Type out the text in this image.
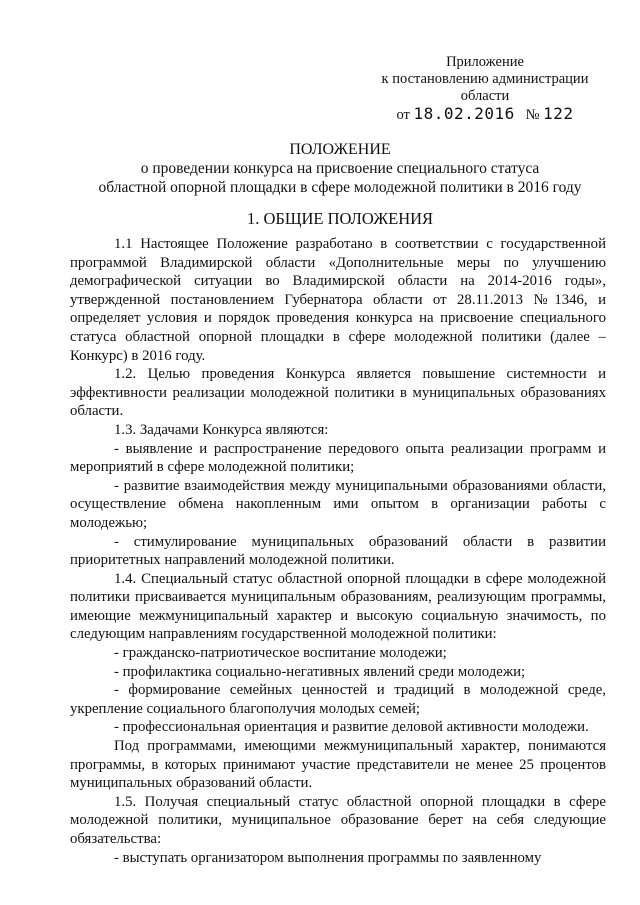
Приложение
к постановлению администрации
области
от 18.02.2016 № 122
ПОЛОЖЕНИЕ
о проведении конкурса на присвоение специального статуса
областной опорной площадки в сфере молодежной политики в 2016 году
1. ОБЩИЕ ПОЛОЖЕНИЯ

1.1 Настоящее Положение разработано в соответствии с государственной программой Владимирской области «Дополнительные меры по улучшению демографической ситуации во Владимирской области на 2014-2016 годы», утвержденной постановлением Губернатора области от 28.11.2013 №1346, и определяет условия и порядок проведения конкурса на присвоение специального статуса областной опорной площадки в сфере молодежной политики (далее – Конкурс) в 2016 году.

1.2. Целью проведения Конкурса является повышение системности и эффективности реализации молодежной политики в муниципальных образованиях области.

1.3. Задачами Конкурса являются:

- выявление и распространение передового опыта реализации программ и мероприятий в сфере молодежной политики;

- развитие взаимодействия между муниципальными образованиями области, осуществление обмена накопленным ими опытом в организации работы с молодежью;

- стимулирование муниципальных образований области в развитии приоритетных направлений молодежной политики.

1.4. Специальный статус областной опорной площадки в сфере молодежной политики присваивается муниципальным образованиям, реализующим программы, имеющие межмуниципальный характер и высокую социальную значимость, по следующим направлениям государственной молодежной политики:

- гражданско-патриотическое воспитание молодежи;

- профилактика социально-негативных явлений среди молодежи;

- формирование семейных ценностей и традиций в молодежной среде, укрепление социального благополучия молодых семей;

- профессиональная ориентация и развитие деловой активности молодежи.

Под программами, имеющими межмуниципальный характер, понимаются программы, в которых принимают участие представители не менее 25 процентов муниципальных образований области.

1.5. Получая специальный статус областной опорной площадки в сфере молодежной политики, муниципальное образование берет на себя следующие обязательства:

- выступать организатором выполнения программы по заявленному
